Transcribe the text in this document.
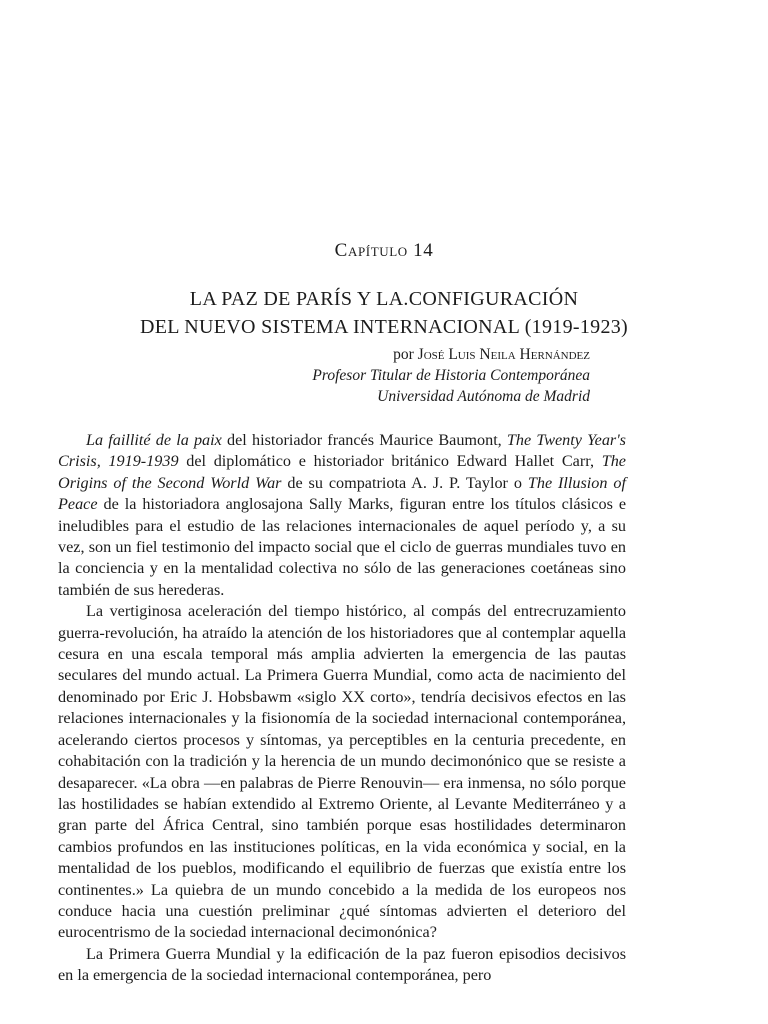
Capítulo 14
LA PAZ DE PARÍS Y LA.CONFIGURACIÓN
DEL NUEVO SISTEMA INTERNACIONAL (1919-1923)
por José Luis Neila Hernández
Profesor Titular de Historia Contemporánea
Universidad Autónoma de Madrid

La faillité de la paix del historiador francés Maurice Baumont, The Twenty Year's Crisis, 1919-1939 del diplomático e historiador británico Edward Hallet Carr, The Origins of the Second World War de su compatriota A. J. P. Taylor o The Illusion of Peace de la historiadora anglosajona Sally Marks, figuran entre los títulos clásicos e ineludibles para el estudio de las relaciones internacionales de aquel período y, a su vez, son un fiel testimonio del impacto social que el ciclo de guerras mundiales tuvo en la conciencia y en la mentalidad colectiva no sólo de las generaciones coetáneas sino también de sus herederas.

La vertiginosa aceleración del tiempo histórico, al compás del entrecruzamiento guerra-revolución, ha atraído la atención de los historiadores que al contemplar aquella cesura en una escala temporal más amplia advierten la emergencia de las pautas seculares del mundo actual. La Primera Guerra Mundial, como acta de nacimiento del denominado por Eric J. Hobsbawm «siglo XX corto», tendría decisivos efectos en las relaciones internacionales y la fisionomía de la sociedad internacional contemporánea, acelerando ciertos procesos y síntomas, ya perceptibles en la centuria precedente, en cohabitación con la tradición y la herencia de un mundo decimonónico que se resiste a desaparecer. «La obra —en palabras de Pierre Renouvin— era inmensa, no sólo porque las hostilidades se habían extendido al Extremo Oriente, al Levante Mediterráneo y a gran parte del África Central, sino también porque esas hostilidades determinaron cambios profundos en las instituciones políticas, en la vida económica y social, en la mentalidad de los pueblos, modificando el equilibrio de fuerzas que existía entre los continentes.» La quiebra de un mundo concebido a la medida de los europeos nos conduce hacia una cuestión preliminar ¿qué síntomas advierten el deterioro del eurocentrismo de la sociedad internacional decimonónica?

La Primera Guerra Mundial y la edificación de la paz fueron episodios decisivos en la emergencia de la sociedad internacional contemporánea, pero
